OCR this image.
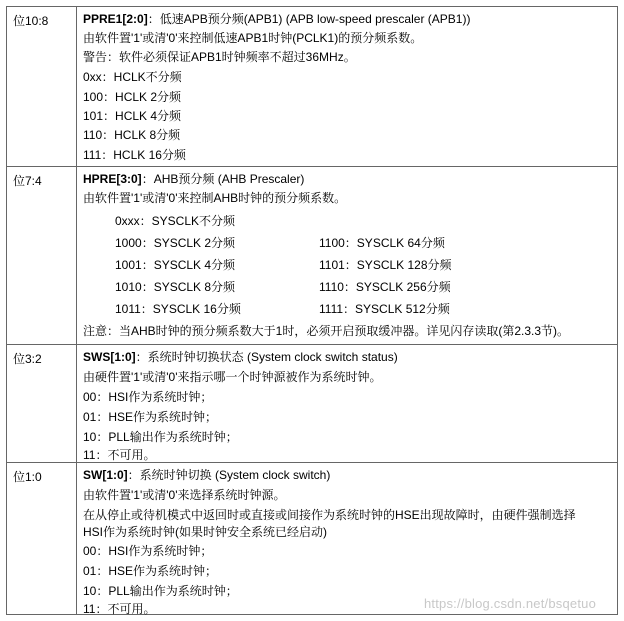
位10:8	PPRE1[2:0]：低速APB预分频(APB1) (APB low-speed prescaler (APB1))
由软件置'1'或清'0'来控制低速APB1时钟(PCLK1)的预分频系数。
警告：软件必须保证APB1时钟频率不超过36MHz。
0xx：HCLK不分频
100：HCLK 2分频
101：HCLK 4分频
110：HCLK 8分频
111：HCLK 16分频
位7:4	HPRE[3:0]：AHB预分频 (AHB Prescaler)
由软件置'1'或清'0'来控制AHB时钟的预分频系数。
0xxx：SYSCLK不分频
1000：SYSCLK 2分频
1001：SYSCLK 4分频
1010：SYSCLK 8分频
1011：SYSCLK 16分频
1100：SYSCLK 64分频
1101：SYSCLK 128分频
1110：SYSCLK 256分频
1111：SYSCLK 512分频
注意：当AHB时钟的预分频系数大于1时，必须开启预取缓冲器。详见闪存读取(第2.3.3节)。
位3:2	SWS[1:0]：系统时钟切换状态 (System clock switch status)
由硬件置'1'或清'0'来指示哪一个时钟源被作为系统时钟。
00：HSI作为系统时钟；
01：HSE作为系统时钟；
10：PLL输出作为系统时钟；
11：不可用。
位1:0	SW[1:0]：系统时钟切换 (System clock switch)
由软件置'1'或清'0'来选择系统时钟源。
在从停止或待机模式中返回时或直接或间接作为系统时钟的HSE出现故障时，由硬件强制选择
HSI作为系统时钟(如果时钟安全系统已经启动)
00：HSI作为系统时钟；
01：HSE作为系统时钟；
10：PLL输出作为系统时钟；
11：不可用。	https://blog.csdn.net/bsqetuo
